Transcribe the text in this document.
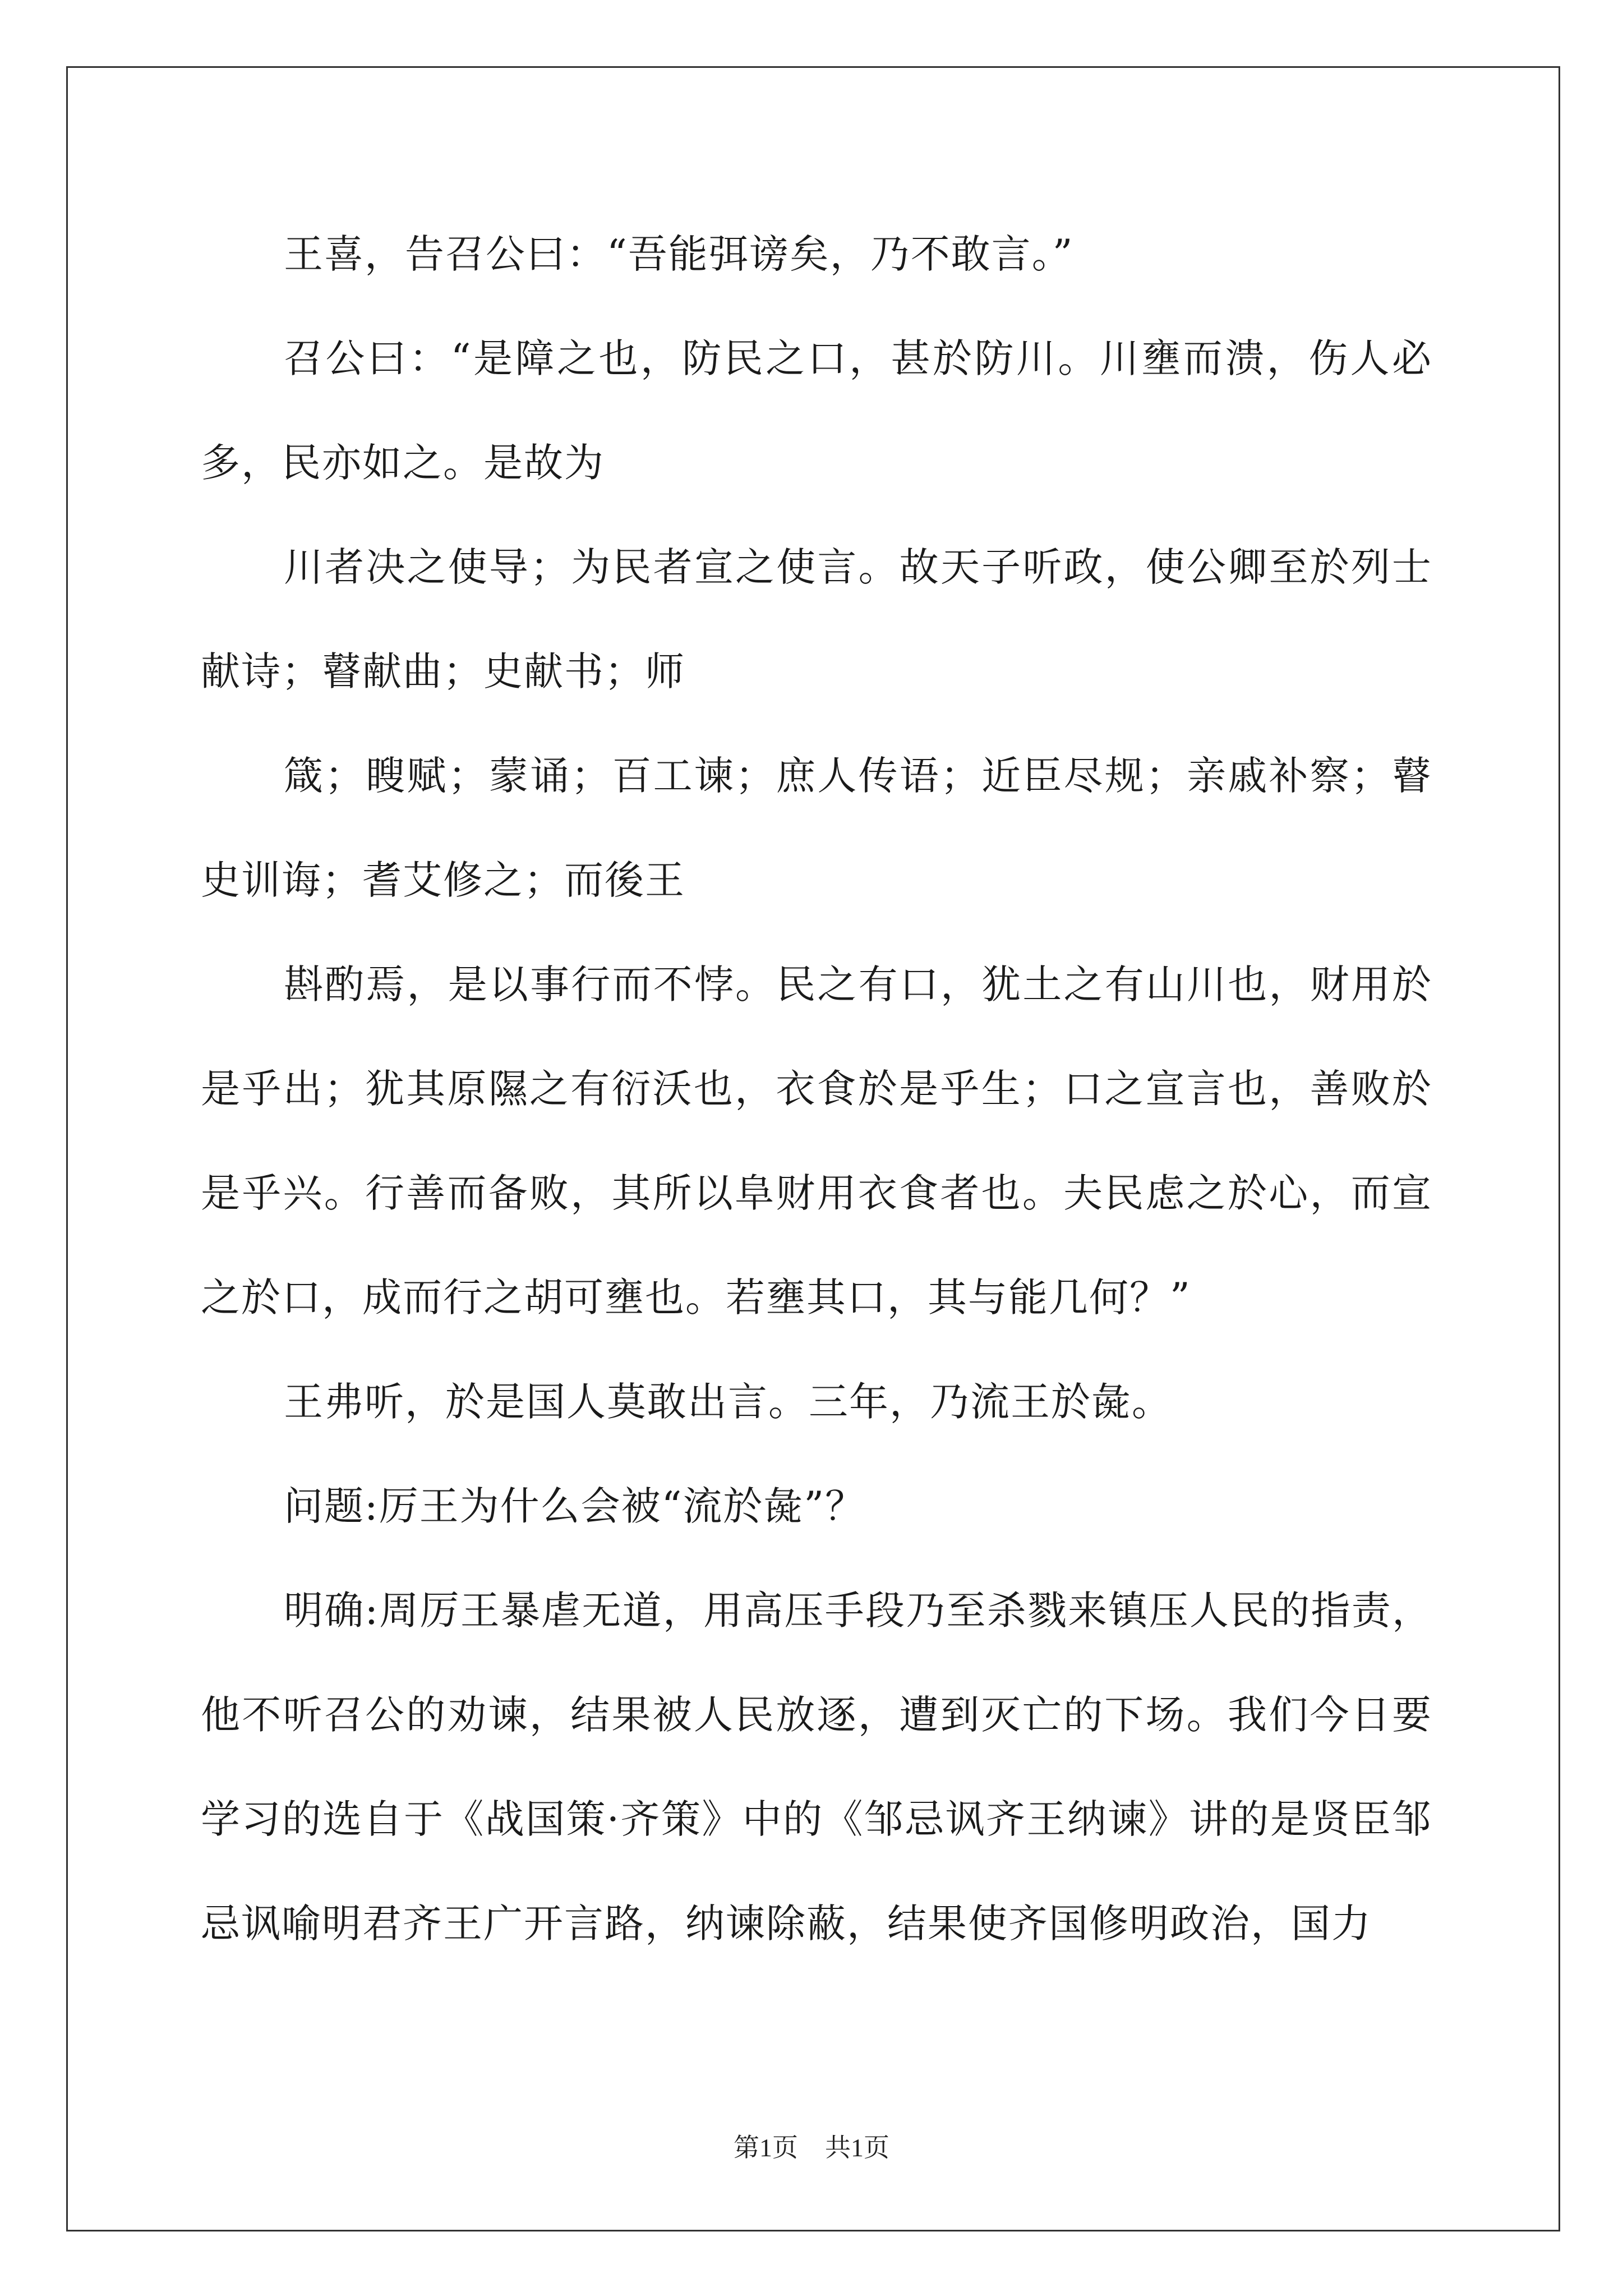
王喜，告召公曰：“吾能弭谤矣，乃不敢言。”

召公曰：“是障之也，防民之口，甚於防川。川壅而溃，伤人必多，民亦如之。是故为

川者决之使导；为民者宣之使言。故天子听政，使公卿至於列士献诗；瞽献曲；史献书；师

箴；瞍赋；蒙诵；百工谏；庶人传语；近臣尽规；亲戚补察；瞽史训诲；耆艾修之；而後王

斟酌焉，是以事行而不悖。民之有口，犹土之有山川也，财用於是乎出；犹其原隰之有衍沃也，衣食於是乎生；口之宣言也，善败於是乎兴。行善而备败，其所以阜财用衣食者也。夫民虑之於心，而宣之於口，成而行之胡可壅也。若壅其口，其与能几何？”

王弗听，於是国人莫敢出言。三年，乃流王於彘。

问题:厉王为什么会被“流於彘”？

明确:周厉王暴虐无道，用高压手段乃至杀戮来镇压人民的指责，他不听召公的劝谏，结果被人民放逐，遭到灭亡的下场。我们今日要学习的选自于《战国策·齐策》中的《邹忌讽齐王纳谏》讲的是贤臣邹忌讽喻明君齐王广开言路，纳谏除蔽，结果使齐国修明政治，国力

第1页 共1页
